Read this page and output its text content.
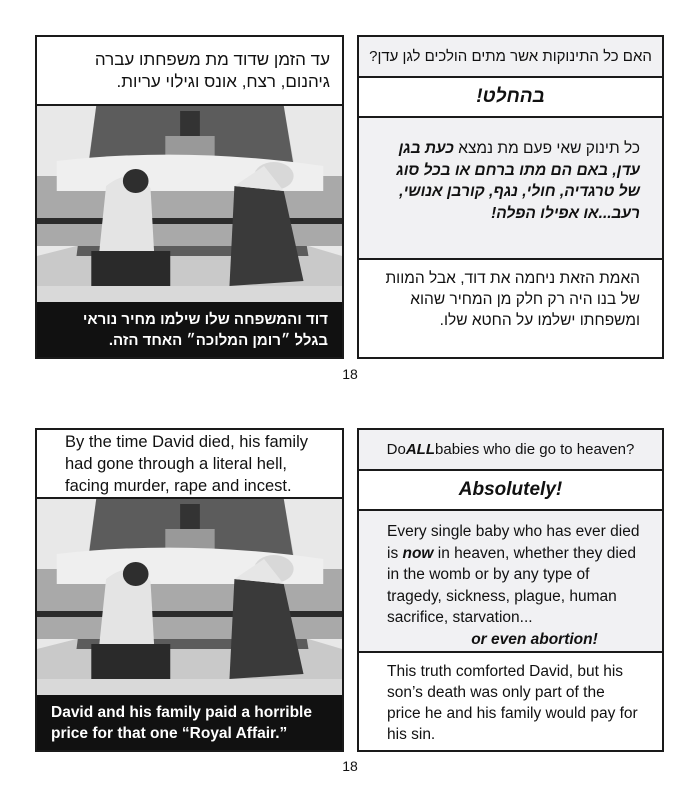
עד הזמן שדוד מת משפחתו עברה גיהנום, רצח, אונס וגילוי עריות.
דוד והמשפחה שלו שילמו מחיר נוראי בגלל ״רומן המלוכה״ האחד הזה.
האם כל התינוקות אשר מתים הולכים לגן עדן?
בהחלט!
כל תינוק שאי פעם מת נמצא כעת בגן עדן, באם הם מתו ברחם או בכל סוג של טרגדיה, חולי, נגף, קורבן אנושי, רעב...או אפילו הפלה!
האמת הזאת ניחמה את דוד, אבל המוות של בנו היה רק חלק מן המחיר שהוא ומשפחתו ישלמו על החטא שלו.
18
By the time David died, his family had gone through a literal hell, facing murder, rape and incest.
David and his family paid a horrible price for that one “Royal Affair.”
Do ALL babies who die go to heaven?
Absolutely!
Every single baby who has ever died is now in heaven, whether they died in the womb or by any type of tragedy, sickness, plague, human sacrifice, starvation...
or even abortion!
This truth comforted David, but his son’s death was only part of the price he and his family would pay for his sin.
18
